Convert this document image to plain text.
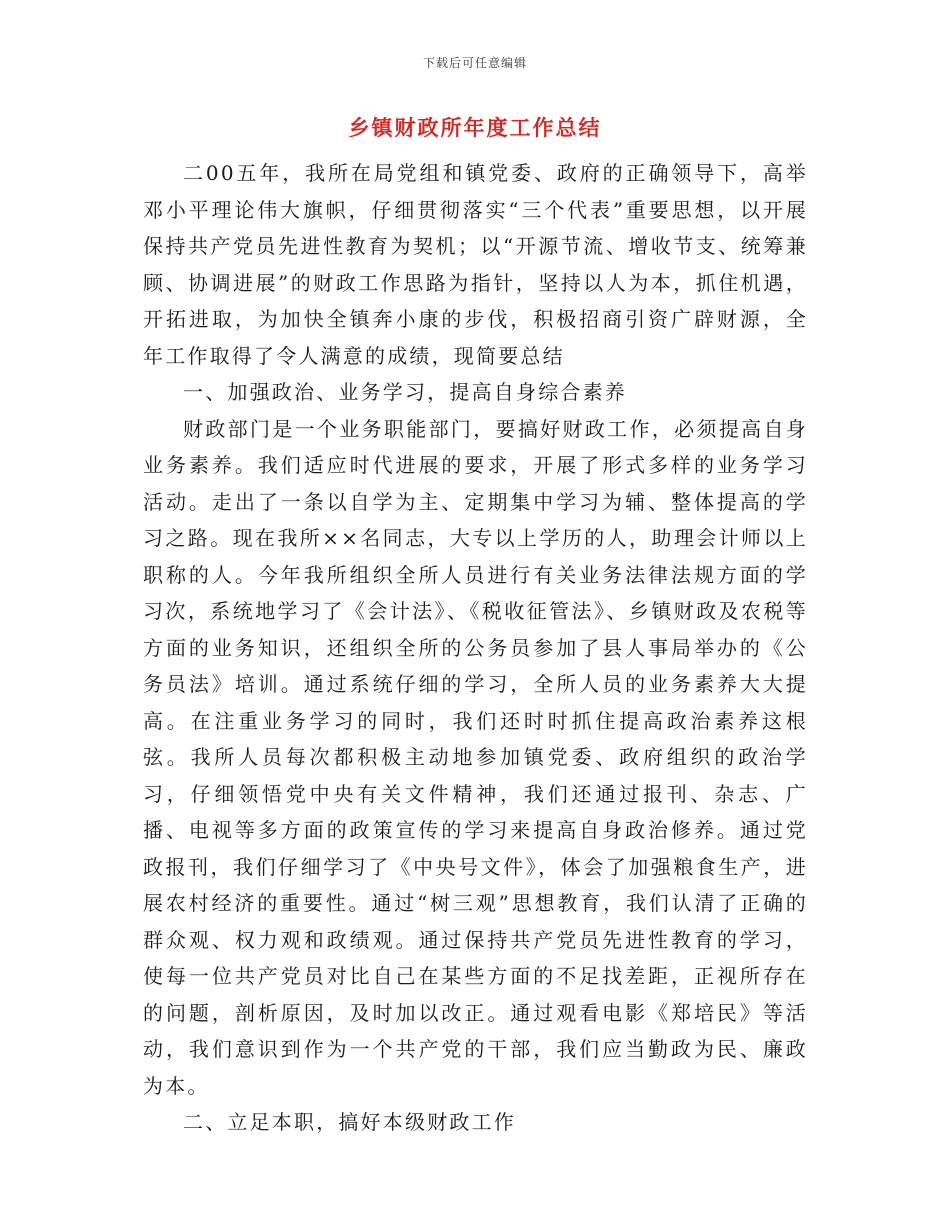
下载后可任意编辑
乡镇财政所年度工作总结

二00五年，我所在局党组和镇党委、政府的正确领导下，高举邓小平理论伟大旗帜，仔细贯彻落实“三个代表”重要思想，以开展保持共产党员先进性教育为契机；以“开源节流、增收节支、统筹兼顾、协调进展”的财政工作思路为指针，坚持以人为本，抓住机遇，开拓进取，为加快全镇奔小康的步伐，积极招商引资广辟财源，全年工作取得了令人满意的成绩，现简要总结

一、加强政治、业务学习，提高自身综合素养

财政部门是一个业务职能部门，要搞好财政工作，必须提高自身业务素养。我们适应时代进展的要求，开展了形式多样的业务学习活动。走出了一条以自学为主、定期集中学习为辅、整体提高的学习之路。现在我所××名同志，大专以上学历的人，助理会计师以上职称的人。今年我所组织全所人员进行有关业务法律法规方面的学习次，系统地学习了《会计法》、《税收征管法》、乡镇财政及农税等方面的业务知识，还组织全所的公务员参加了县人事局举办的《公务员法》培训。通过系统仔细的学习，全所人员的业务素养大大提高。在注重业务学习的同时，我们还时时抓住提高政治素养这根弦。我所人员每次都积极主动地参加镇党委、政府组织的政治学习，仔细领悟党中央有关文件精神，我们还通过报刊、杂志、广播、电视等多方面的政策宣传的学习来提高自身政治修养。通过党政报刊，我们仔细学习了《中央号文件》，体会了加强粮食生产，进展农村经济的重要性。通过“树三观”思想教育，我们认清了正确的群众观、权力观和政绩观。通过保持共产党员先进性教育的学习，使每一位共产党员对比自己在某些方面的不足找差距，正视所存在的问题，剖析原因，及时加以改正。通过观看电影《郑培民》等活动，我们意识到作为一个共产党的干部，我们应当勤政为民、廉政为本。

二、立足本职，搞好本级财政工作
